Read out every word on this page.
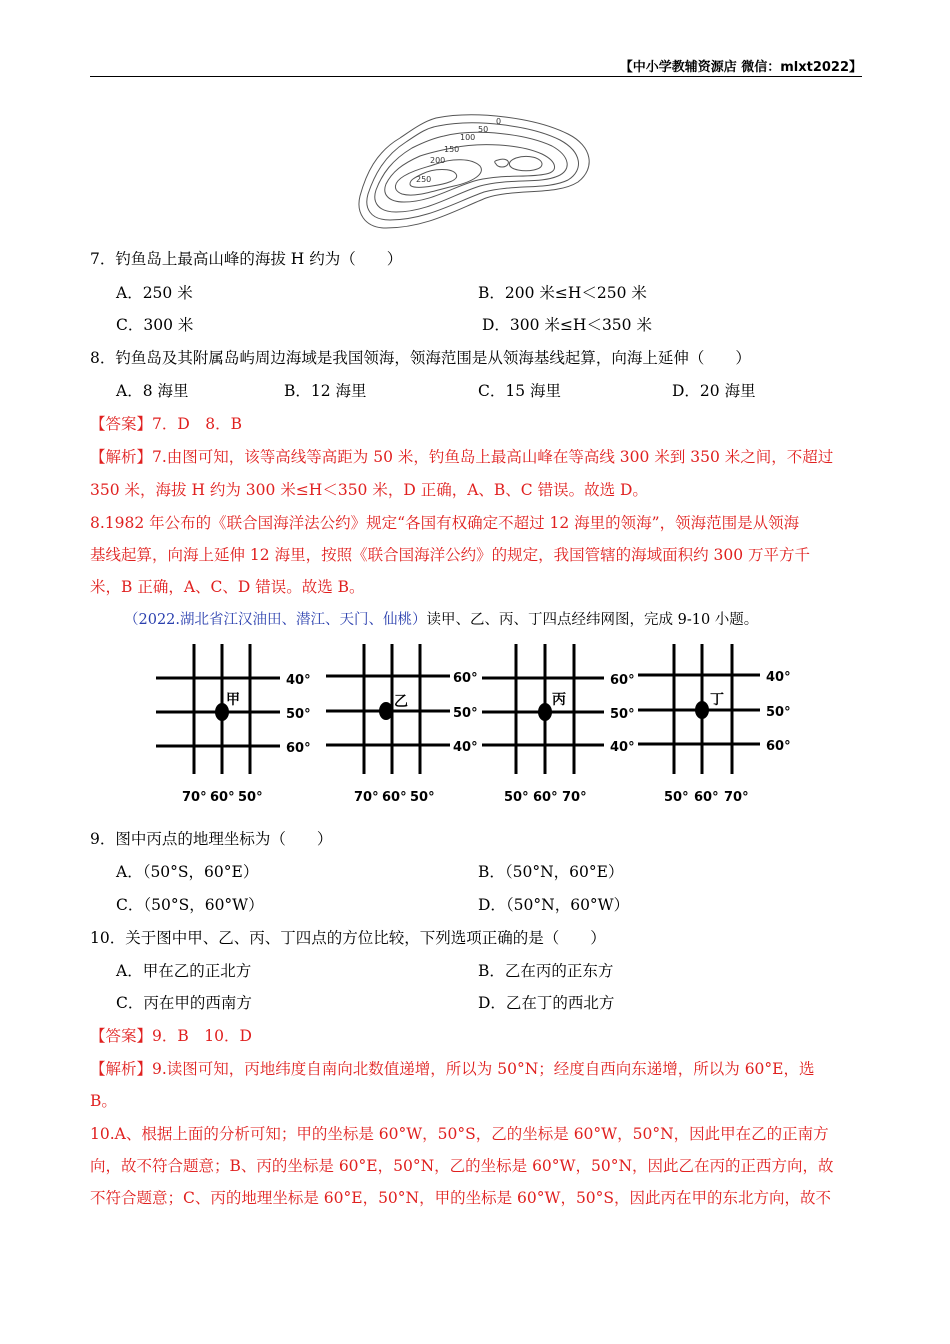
【中小学教辅资源店 微信：mlxt2022】
0
50
100
150
200
250
7．钓鱼岛上最高山峰的海拔 H 约为（　　）
A．250 米	B．200 米≤H＜250 米
C．300 米	D．300 米≤H＜350 米
8．钓鱼岛及其附属岛屿周边海域是我国领海，领海范围是从领海基线起算，向海上延伸（　　）
A．8 海里	B．12 海里	C．15 海里	D．20 海里
【答案】7．D　8．B
【解析】7.由图可知，该等高线等高距为 50 米，钓鱼岛上最高山峰在等高线 300 米到 350 米之间，不超过
350 米，海拔 H 约为 300 米≤H＜350 米，D 正确，A、B、C 错误。故选 D。
8.1982 年公布的《联合国海洋法公约》规定“各国有权确定不超过 12 海里的领海”，领海范围是从领海
基线起算，向海上延伸 12 海里，按照《联合国海洋公约》的规定，我国管辖的海域面积约 300 万平方千
米，B 正确，A、C、D 错误。故选 B。
（2022.湖北省江汉油田、潜江、天门、仙桃）读甲、乙、丙、丁四点经纬网图，完成 9-10 小题。
甲
40°
50°
60°
70° 60° 50°
乙
60°
50°
40°
70° 60° 50°
丙
60°
50°
40°
50° 60° 70°
丁
40°
50°
60°
50° 60° 70°
9．图中丙点的地理坐标为（　　）
A．（50°S，60°E）	B．（50°N，60°E）
C．（50°S，60°W）	D．（50°N，60°W）
10．关于图中甲、乙、丙、丁四点的方位比较，下列选项正确的是（　　）
A．甲在乙的正北方	B．乙在丙的正东方
C．丙在甲的西南方	D．乙在丁的西北方
【答案】9．B　10．D
【解析】9.读图可知，丙地纬度自南向北数值递增，所以为 50°N；经度自西向东递增，所以为 60°E，选
B。
10.A、根据上面的分析可知；甲的坐标是 60°W，50°S，乙的坐标是 60°W，50°N，因此甲在乙的正南方
向，故不符合题意；B、丙的坐标是 60°E，50°N，乙的坐标是 60°W，50°N，因此乙在丙的正西方向，故
不符合题意；C、丙的地理坐标是 60°E，50°N，甲的坐标是 60°W，50°S，因此丙在甲的东北方向，故不
